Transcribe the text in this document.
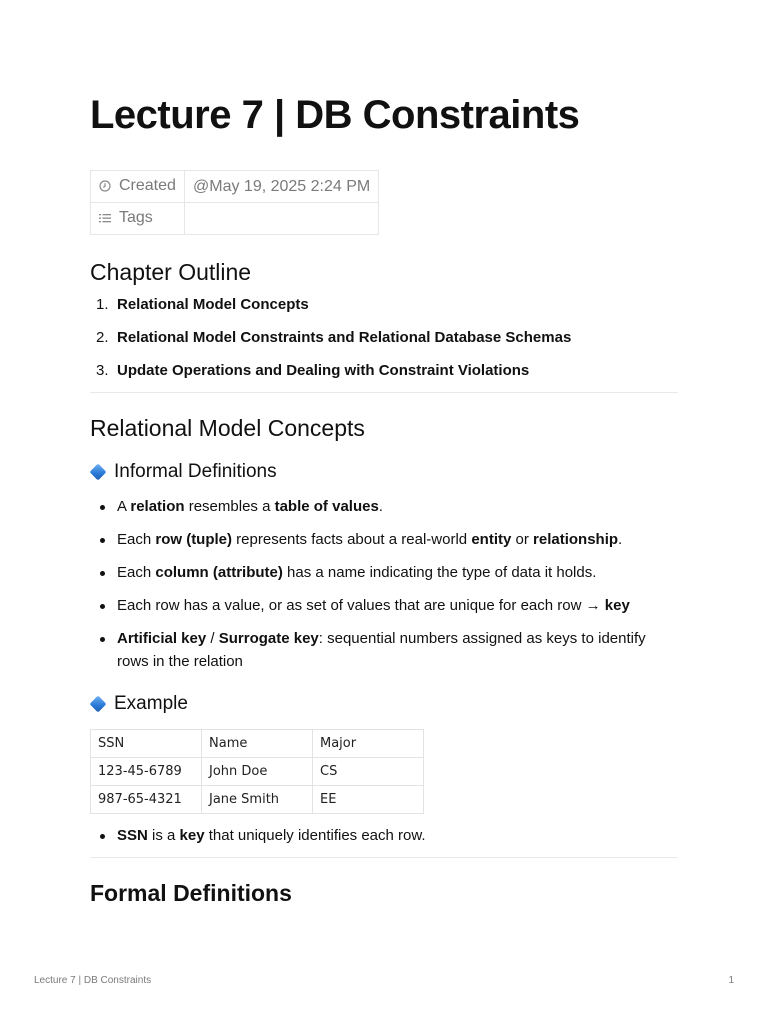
Lecture 7 | DB Constraints
Created	@May 19, 2025 2:24 PM
Tags	
Chapter Outline
1. Relational Model Concepts
2. Relational Model Constraints and Relational Database Schemas
3. Update Operations and Dealing with Constraint Violations
Relational Model Concepts
Informal Definitions
A relation resembles a table of values.
Each row (tuple) represents facts about a real-world entity or relationship.
Each column (attribute) has a name indicating the type of data it holds.
Each row has a value, or as set of values that are unique for each row → key
Artificial key / Surrogate key: sequential numbers assigned as keys to identify rows in the relation
Example
SSN	Name	Major
123-45-6789	John Doe	CS
987-65-4321	Jane Smith	EE
SSN is a key that uniquely identifies each row.
Formal Definitions
Lecture 7 | DB Constraints	1
